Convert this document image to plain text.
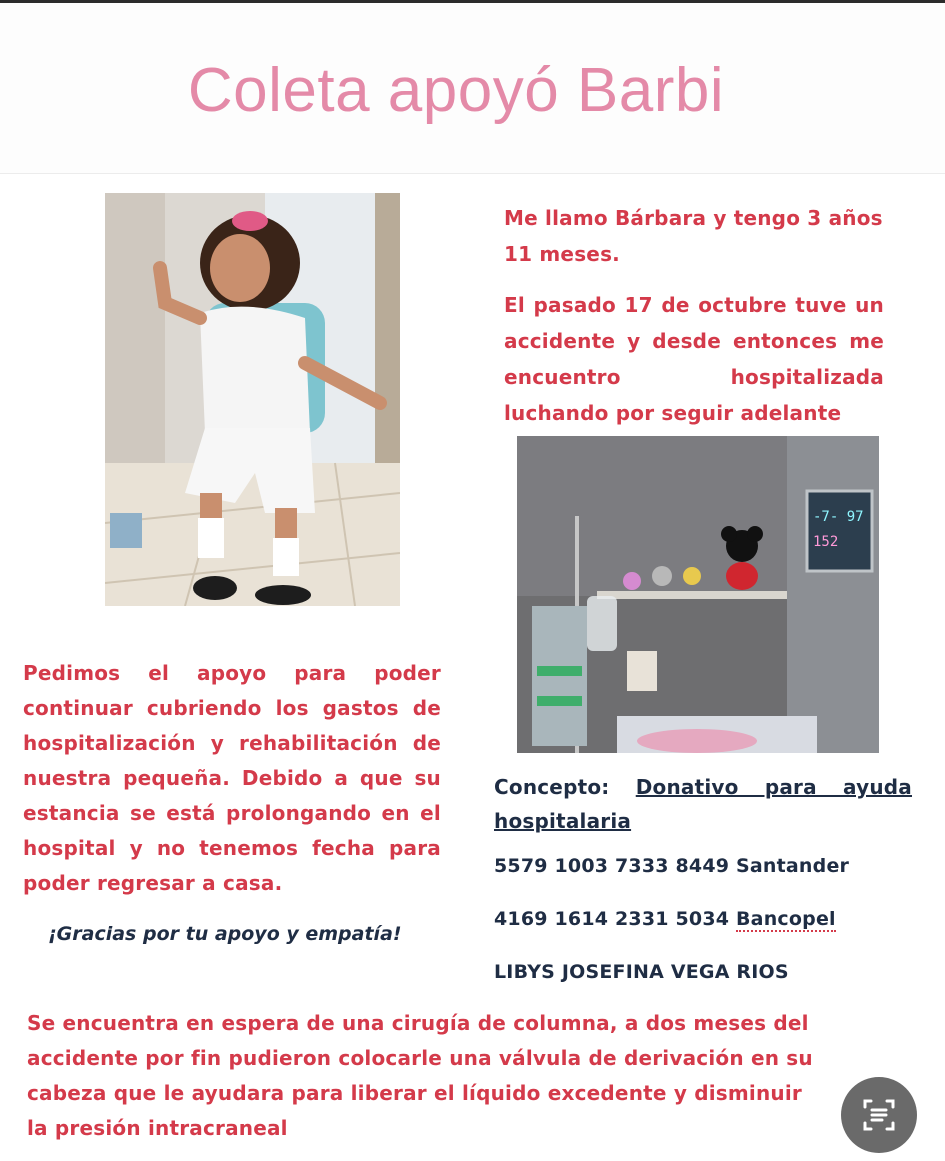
Coleta apoyó Barbi
Me llamo Bárbara y tengo 3 años 11 meses.
El pasado 17 de octubre tuve un accidente y desde entonces me encuentro hospitalizada luchando por seguir adelante
-7- 97
152
Pedimos el apoyo para poder continuar cubriendo los gastos de hospitalización y rehabilitación de nuestra pequeña. Debido a que su estancia se está prolongando en el hospital y no tenemos fecha para poder regresar a casa.
¡Gracias por tu apoyo y empatía!
Concepto: Donativo para ayuda hospitalaria
5579 1003 7333 8449 Santander
4169 1614 2331 5034 Bancopel
LIBYS JOSEFINA VEGA RIOS
Se encuentra en espera de una cirugía de columna, a dos meses del accidente por fin pudieron colocarle una válvula de derivación en su cabeza que le ayudara para liberar el líquido excedente y disminuir la presión intracraneal
